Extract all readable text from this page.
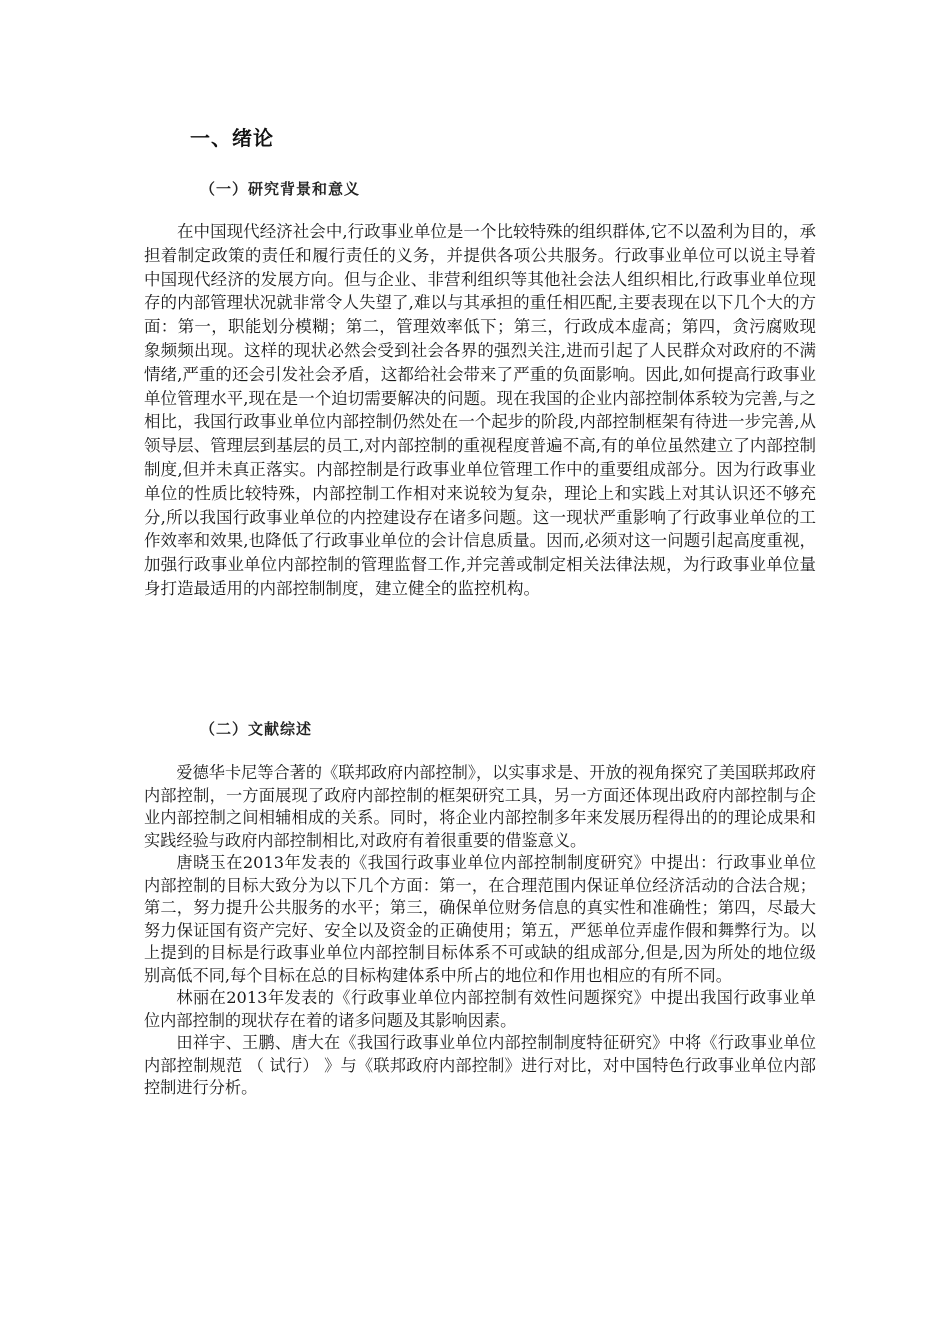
一、绪论
（一）研究背景和意义

在中国现代经济社会中,行政事业单位是一个比较特殊的组织群体,它不以盈利为目的，承担着制定政策的责任和履行责任的义务，并提供各项公共服务。行政事业单位可以说主导着中国现代经济的发展方向。但与企业、非营利组织等其他社会法人组织相比,行政事业单位现存的内部管理状况就非常令人失望了,难以与其承担的重任相匹配,主要表现在以下几个大的方面：第一，职能划分模糊；第二，管理效率低下；第三，行政成本虚高；第四，贪污腐败现象频频出现。这样的现状必然会受到社会各界的强烈关注,进而引起了人民群众对政府的不满情绪,严重的还会引发社会矛盾，这都给社会带来了严重的负面影响。因此,如何提高行政事业单位管理水平,现在是一个迫切需要解决的问题。现在我国的企业内部控制体系较为完善,与之相比，我国行政事业单位内部控制仍然处在一个起步的阶段,内部控制框架有待进一步完善,从领导层、管理层到基层的员工,对内部控制的重视程度普遍不高,有的单位虽然建立了内部控制制度,但并未真正落实。内部控制是行政事业单位管理工作中的重要组成部分。因为行政事业单位的性质比较特殊，内部控制工作相对来说较为复杂，理论上和实践上对其认识还不够充分,所以我国行政事业单位的内控建设存在诸多问题。这一现状严重影响了行政事业单位的工作效率和效果,也降低了行政事业单位的会计信息质量。因而,必须对这一问题引起高度重视，加强行政事业单位内部控制的管理监督工作,并完善或制定相关法律法规，为行政事业单位量身打造最适用的内部控制制度，建立健全的监控机构。

（二）文献综述

爱德华卡尼等合著的《联邦政府内部控制》，以实事求是、开放的视角探究了美国联邦政府内部控制，一方面展现了政府内部控制的框架研究工具，另一方面还体现出政府内部控制与企业内部控制之间相辅相成的关系。同时，将企业内部控制多年来发展历程得出的的理论成果和实践经验与政府内部控制相比,对政府有着很重要的借鉴意义。

唐晓玉在2013年发表的《我国行政事业单位内部控制制度研究》中提出：行政事业单位内部控制的目标大致分为以下几个方面：第一，在合理范围内保证单位经济活动的合法合规；第二，努力提升公共服务的水平；第三，确保单位财务信息的真实性和准确性；第四，尽最大努力保证国有资产完好、安全以及资金的正确使用；第五，严惩单位弄虚作假和舞弊行为。以上提到的目标是行政事业单位内部控制目标体系不可或缺的组成部分,但是,因为所处的地位级别高低不同,每个目标在总的目标构建体系中所占的地位和作用也相应的有所不同。

林丽在2013年发表的《行政事业单位内部控制有效性问题探究》中提出我国行政事业单位内部控制的现状存在着的诸多问题及其影响因素。

田祥宇、王鹏、唐大在《我国行政事业单位内部控制制度特征研究》中将《行政事业单位内部控制规范 （ 试行） 》与《联邦政府内部控制》进行对比，对中国特色行政事业单位内部控制进行分析。
